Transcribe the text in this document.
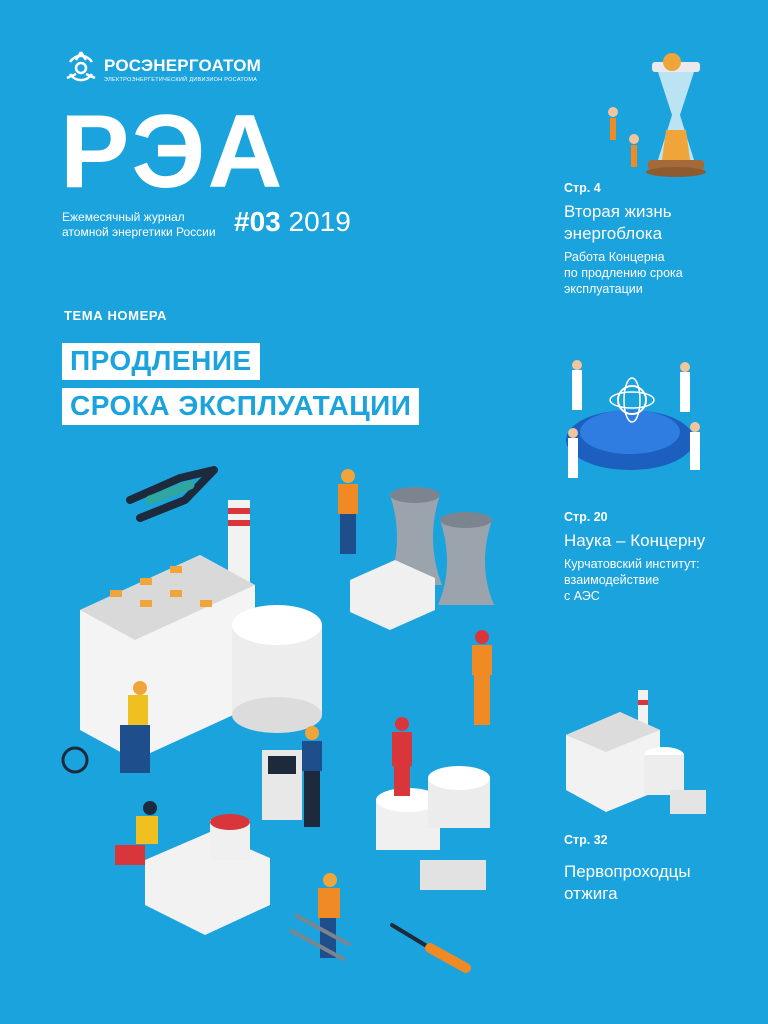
РОСЭНЕРГОАТОМ
ЭЛЕКТРОЭНЕРГЕТИЧЕСКИЙ ДИВИЗИОН РОСАТОМА
РЭА
Ежемесячный журнал
атомной энергетики России #03 2019
ТЕМА НОМЕРА
ПРОДЛЕНИЕ
СРОКА ЭКСПЛУАТАЦИИ
Стр. 4
Вторая жизнь
энергоблока
Работа Концерна
по продлению срока
эксплуатации
Стр. 20
Наука – Концерну
Курчатовский институт:
взаимодействие
с АЭС
Стр. 32
Первопроходцы
отжига
